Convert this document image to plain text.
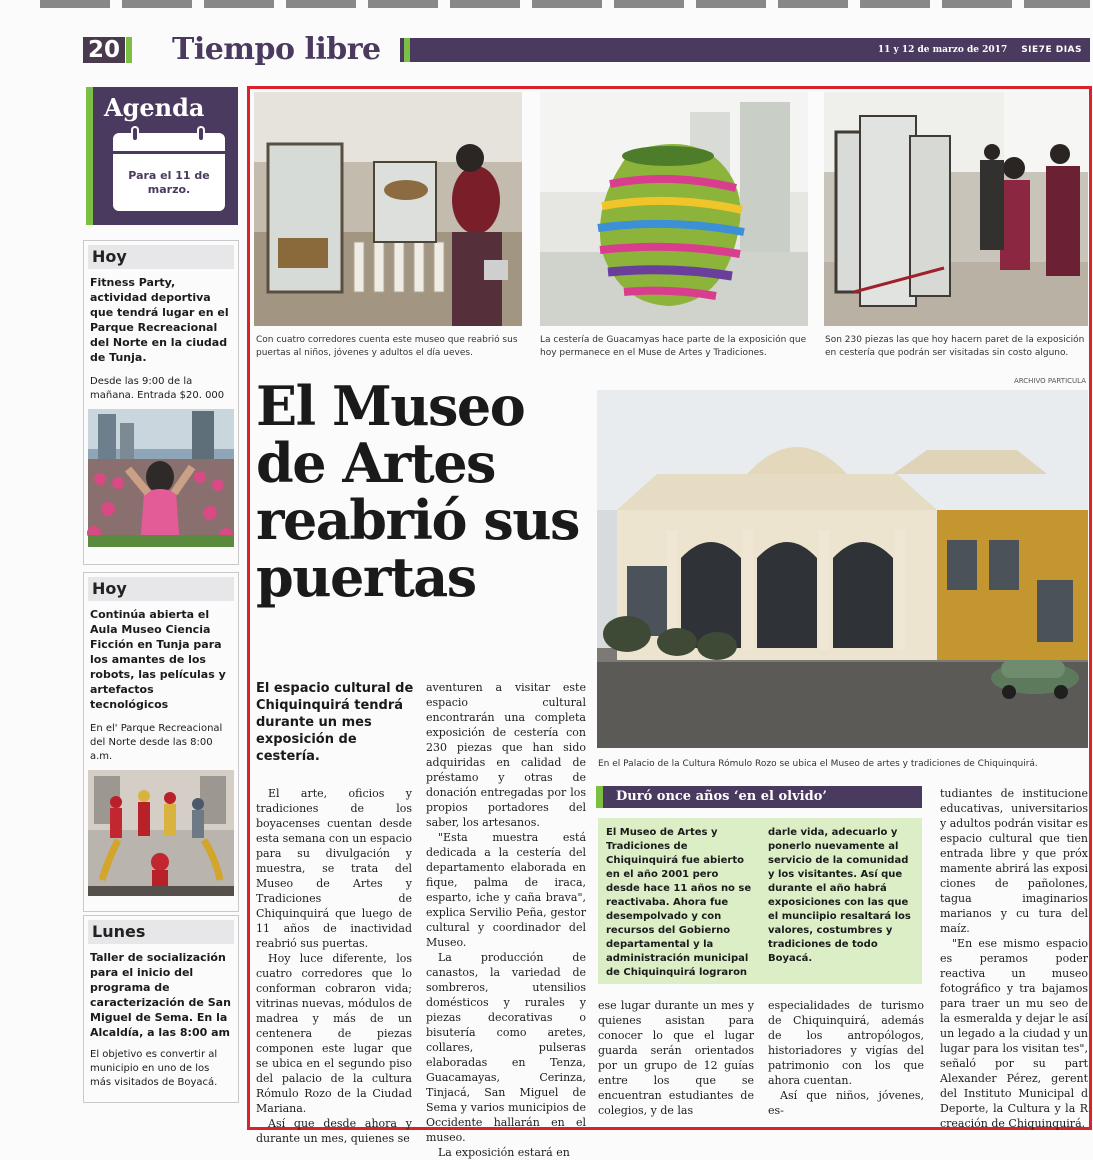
20 Tiempo libre	11 y 12 de marzo de 2017 SIE7E DIAS
Agenda
Para el 11 de marzo.
Hoy
Fitness Party, actividad deportiva que tendrá lugar en el Parque Recreacional del Norte en la ciudad de Tunja.
Desde las 9:00 de la mañana. Entrada $20. 000
Hoy
Continúa abierta el Aula Museo Ciencia Ficción en Tunja para los amantes de los robots, las películas y artefactos tecnológicos
En el' Parque Recreacional del Norte desde las 8:00 a.m.
Lunes
Taller de socialización para el inicio del programa de caracterización de San Miguel de Sema. En la Alcaldía, a las 8:00 am
El objetivo es convertir al municipio en uno de los más visitados de Boyacá.
Con cuatro corredores cuenta este museo que reabrió sus puertas al niños, jóvenes y adultos el día ueves.
La cestería de Guacamyas hace parte de la exposición que hoy permanece en el Muse de Artes y Tradiciones.
Son 230 piezas las que hoy hacern paret de la exposición en cestería que podrán ser visitadas sin costo alguno.
ARCHIVO PARTICULA
El Museo de Artes reabrió sus puertas
El espacio cultural de Chiquinquirá tendrá durante un mes exposición de cestería.	En el Palacio de la Cultura Rómulo Rozo se ubica el Museo de artes y tradiciones de Chiquinquirá.

El arte, oficios y tradiciones de los boyacenses cuentan desde esta semana con un espacio para su divulgación y muestra, se trata del Museo de Artes y Tradiciones de Chiquinquirá que luego de 11 años de inactividad reabrió sus puertas.

Hoy luce diferente, los cuatro corredores que lo conforman cobraron vida; vitrinas nuevas, módulos de madrea y más de un centenera de piezas componen este lugar que se ubica en el segundo piso del palacio de la cultura Rómulo Rozo de la Ciudad Mariana.

Así que desde ahora y durante un mes, quienes se

aventuren a visitar este espacio cultural encontrarán una completa exposición de cestería con 230 piezas que han sido adquiridas en calidad de préstamo y otras de donación entregadas por los propios portadores del saber, los artesanos.

"Esta muestra está dedicada a la cestería del departamento elaborada en fique, palma de iraca, esparto, iche y caña brava", explica Servilio Peña, gestor cultural y coordinador del Museo.

La producción de canastos, la variedad de sombreros, utensilios domésticos y rurales y piezas decorativas o bisutería como aretes, collares, pulseras elaboradas en Tenza, Guacamayas, Cerinza, Tinjacá, San Miguel de Sema y varios municipios de Occidente hallarán en el museo.

La exposición estará en

Duró once años ‘en el olvido’
El Museo de Artes y Tradiciones de Chiquinquirá fue abierto en el año 2001 pero desde hace 11 años no se reactivaba. Ahora fue desempolvado y con recursos del Gobierno departamental y la administración municipal de Chiquinquirá lograron
darle vida, adecuarlo y ponerlo nuevamente al servicio de la comunidad y los visitantes. Así que durante el año habrá exposiciones con las que el munciipio resaltará los valores, costumbres y tradiciones de todo Boyacá.

ese lugar durante un mes y quienes asistan para conocer lo que el lugar guarda serán orientados por un grupo de 12 guías entre los que se encuentran estudiantes de colegios, y de las

especialidades de turismo de Chiquinquirá, además de los antropólogos, historiadores y vigías del patrimonio con los que ahora cuentan.

Así que niños, jóvenes, es-

tudiantes de institucione educativas, universitarios y adultos podrán visitar es espacio cultural que tien entrada libre y que próx mamente abrirá las exposi ciones de pañolones, tagua imaginarios marianos y cu tura del maíz.

"En ese mismo espacio es peramos poder reactiva un museo fotográfico y tra bajamos para traer un mu seo de la esmeralda y dejar le así un legado a la ciudad y un lugar para los visitan tes", señaló por su part Alexander Pérez, gerent del Instituto Municipal d Deporte, la Cultura y la R creación de Chiquinquirá.
